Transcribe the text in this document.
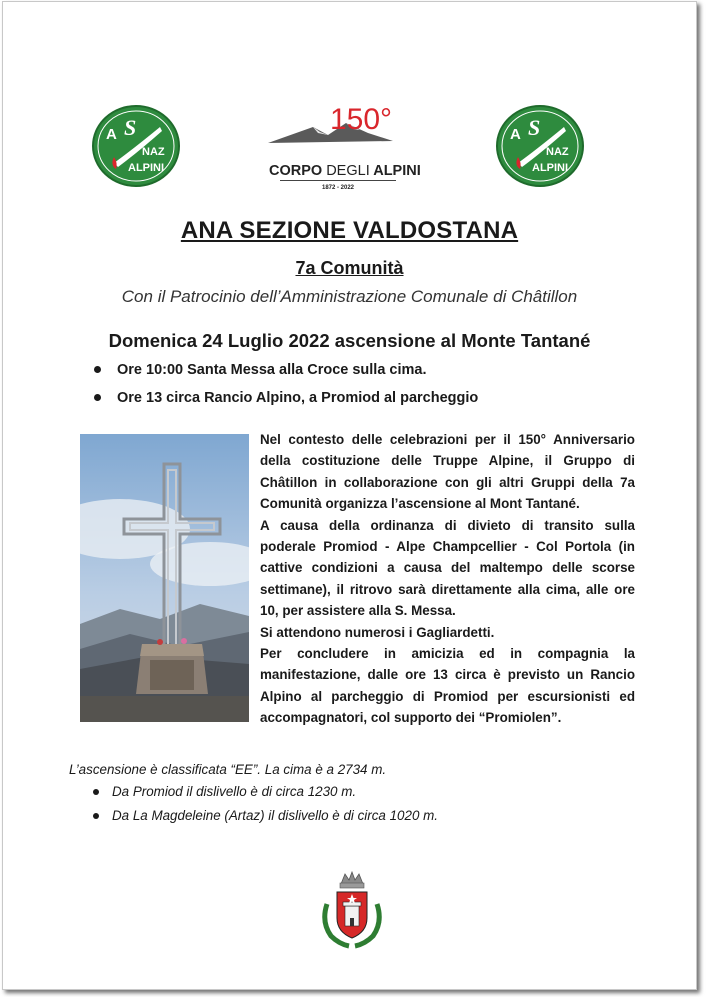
A S
NAZ
ALPINI
150°
CORPO DEGLI ALPINI
1872 - 2022
A S
NAZ
ALPINI
ANA SEZIONE VALDOSTANA
7a Comunità
Con il Patrocinio dell’Amministrazione Comunale di Châtillon
Domenica 24 Luglio 2022 ascensione al Monte Tantané
Ore 10:00 Santa Messa alla Croce sulla cima.
Ore 13 circa Rancio Alpino, a Promiod al parcheggio

Nel contesto delle celebrazioni per il 150° Anniversario della costituzione delle Truppe Alpine, il Gruppo di Châtillon in collaborazione con gli altri Gruppi della 7a Comunità organizza l’ascensione al Mont Tantané.

A causa della ordinanza di divieto di transito sulla poderale Promiod - Alpe Champcellier - Col Portola (in cattive condizioni a causa del maltempo delle scorse settimane), il ritrovo sarà direttamente alla cima, alle ore 10, per assistere alla S. Messa.

Si attendono numerosi i Gagliardetti.

Per concludere in amicizia ed in compagnia la manifestazione, dalle ore 13 circa è previsto un Rancio Alpino al parcheggio di Promiod per escursionisti ed accompagnatori, col supporto dei “Promiolen”.

L’ascensione è classificata “EE”. La cima è a 2734 m.
Da Promiod il dislivello è di circa 1230 m.
Da La Magdeleine (Artaz) il dislivello è di circa 1020 m.
